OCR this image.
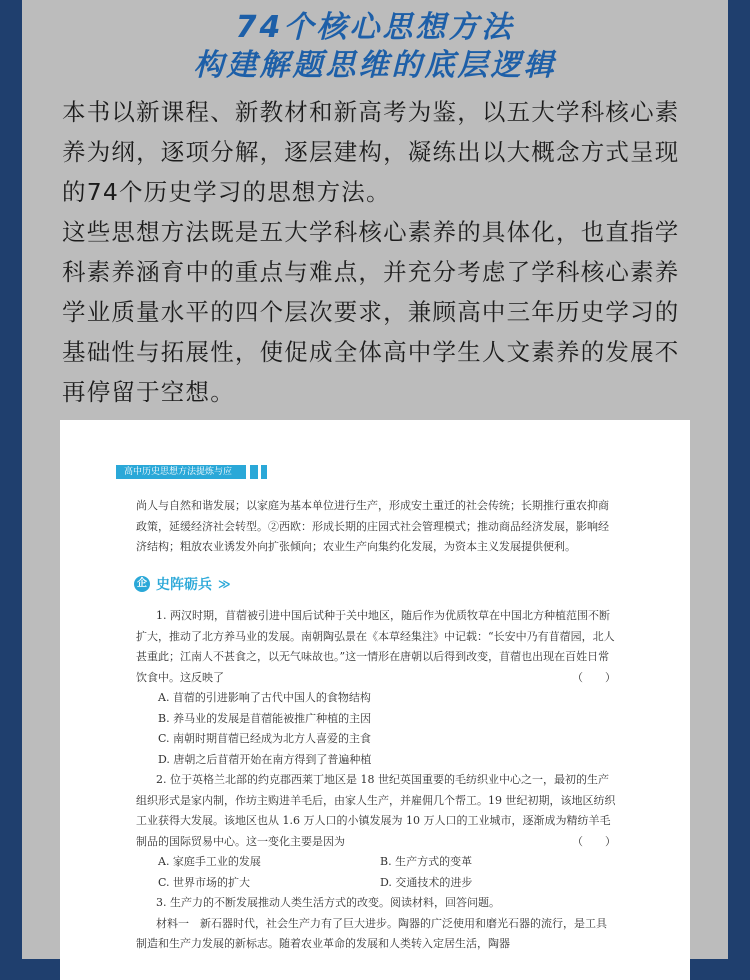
74个核心思想方法
构建解题思维的底层逻辑

本书以新课程、新教材和新高考为鉴，以五大学科核心素养为纲，逐项分解，逐层建构，凝练出以大概念方式呈现的74个历史学习的思想方法。

这些思想方法既是五大学科核心素养的具体化，也直指学科素养涵育中的重点与难点，并充分考虑了学科核心素养学业质量水平的四个层次要求，兼顾高中三年历史学习的基础性与拓展性，使促成全体高中学生人文素养的发展不再停留于空想。

高中历史思想方法提炼与应用
尚人与自然和谐发展；以家庭为基本单位进行生产，形成安土重迁的社会传统；长期推行重农抑商政策，延缓经济社会转型。②西欧：形成长期的庄园式社会管理模式；推动商品经济发展，影响经济结构；粗放农业诱发外向扩张倾向；农业生产向集约化发展，为资本主义发展提供便利。
企 史阵砺兵 ≫

1. 两汉时期，苜蓿被引进中国后试种于关中地区，随后作为优质牧草在中国北方种植范围不断扩大，推动了北方养马业的发展。南朝陶弘景在《本草经集注》中记载：“长安中乃有苜蓿园，北人甚重此；江南人不甚食之，以无气味故也。”这一情形在唐朝以后得到改变，苜蓿也出现在百姓日常饮食中。这反映了	（　　）

A. 苜蓿的引进影响了古代中国人的食物结构

B. 养马业的发展是苜蓿能被推广种植的主因

C. 南朝时期苜蓿已经成为北方人喜爱的主食

D. 唐朝之后苜蓿开始在南方得到了普遍种植

2. 位于英格兰北部的约克郡西莱丁地区是 18 世纪英国重要的毛纺织业中心之一，最初的生产组织形式是家内制，作坊主购进羊毛后，由家人生产，并雇佣几个帮工。19 世纪初期，该地区纺织工业获得大发展。该地区也从 1.6 万人口的小镇发展为 10 万人口的工业城市，逐渐成为精纺羊毛制品的国际贸易中心。这一变化主要是因为	（　　）

A. 家庭手工业的发展	B. 生产方式的变革
C. 世界市场的扩大	D. 交通技术的进步

3. 生产力的不断发展推动人类生活方式的改变。阅读材料，回答问题。

材料一　新石器时代，社会生产力有了巨大进步。陶器的广泛使用和磨光石器的流行，是工具制造和生产力发展的新标志。随着农业革命的发展和人类转入定居生活，陶器
